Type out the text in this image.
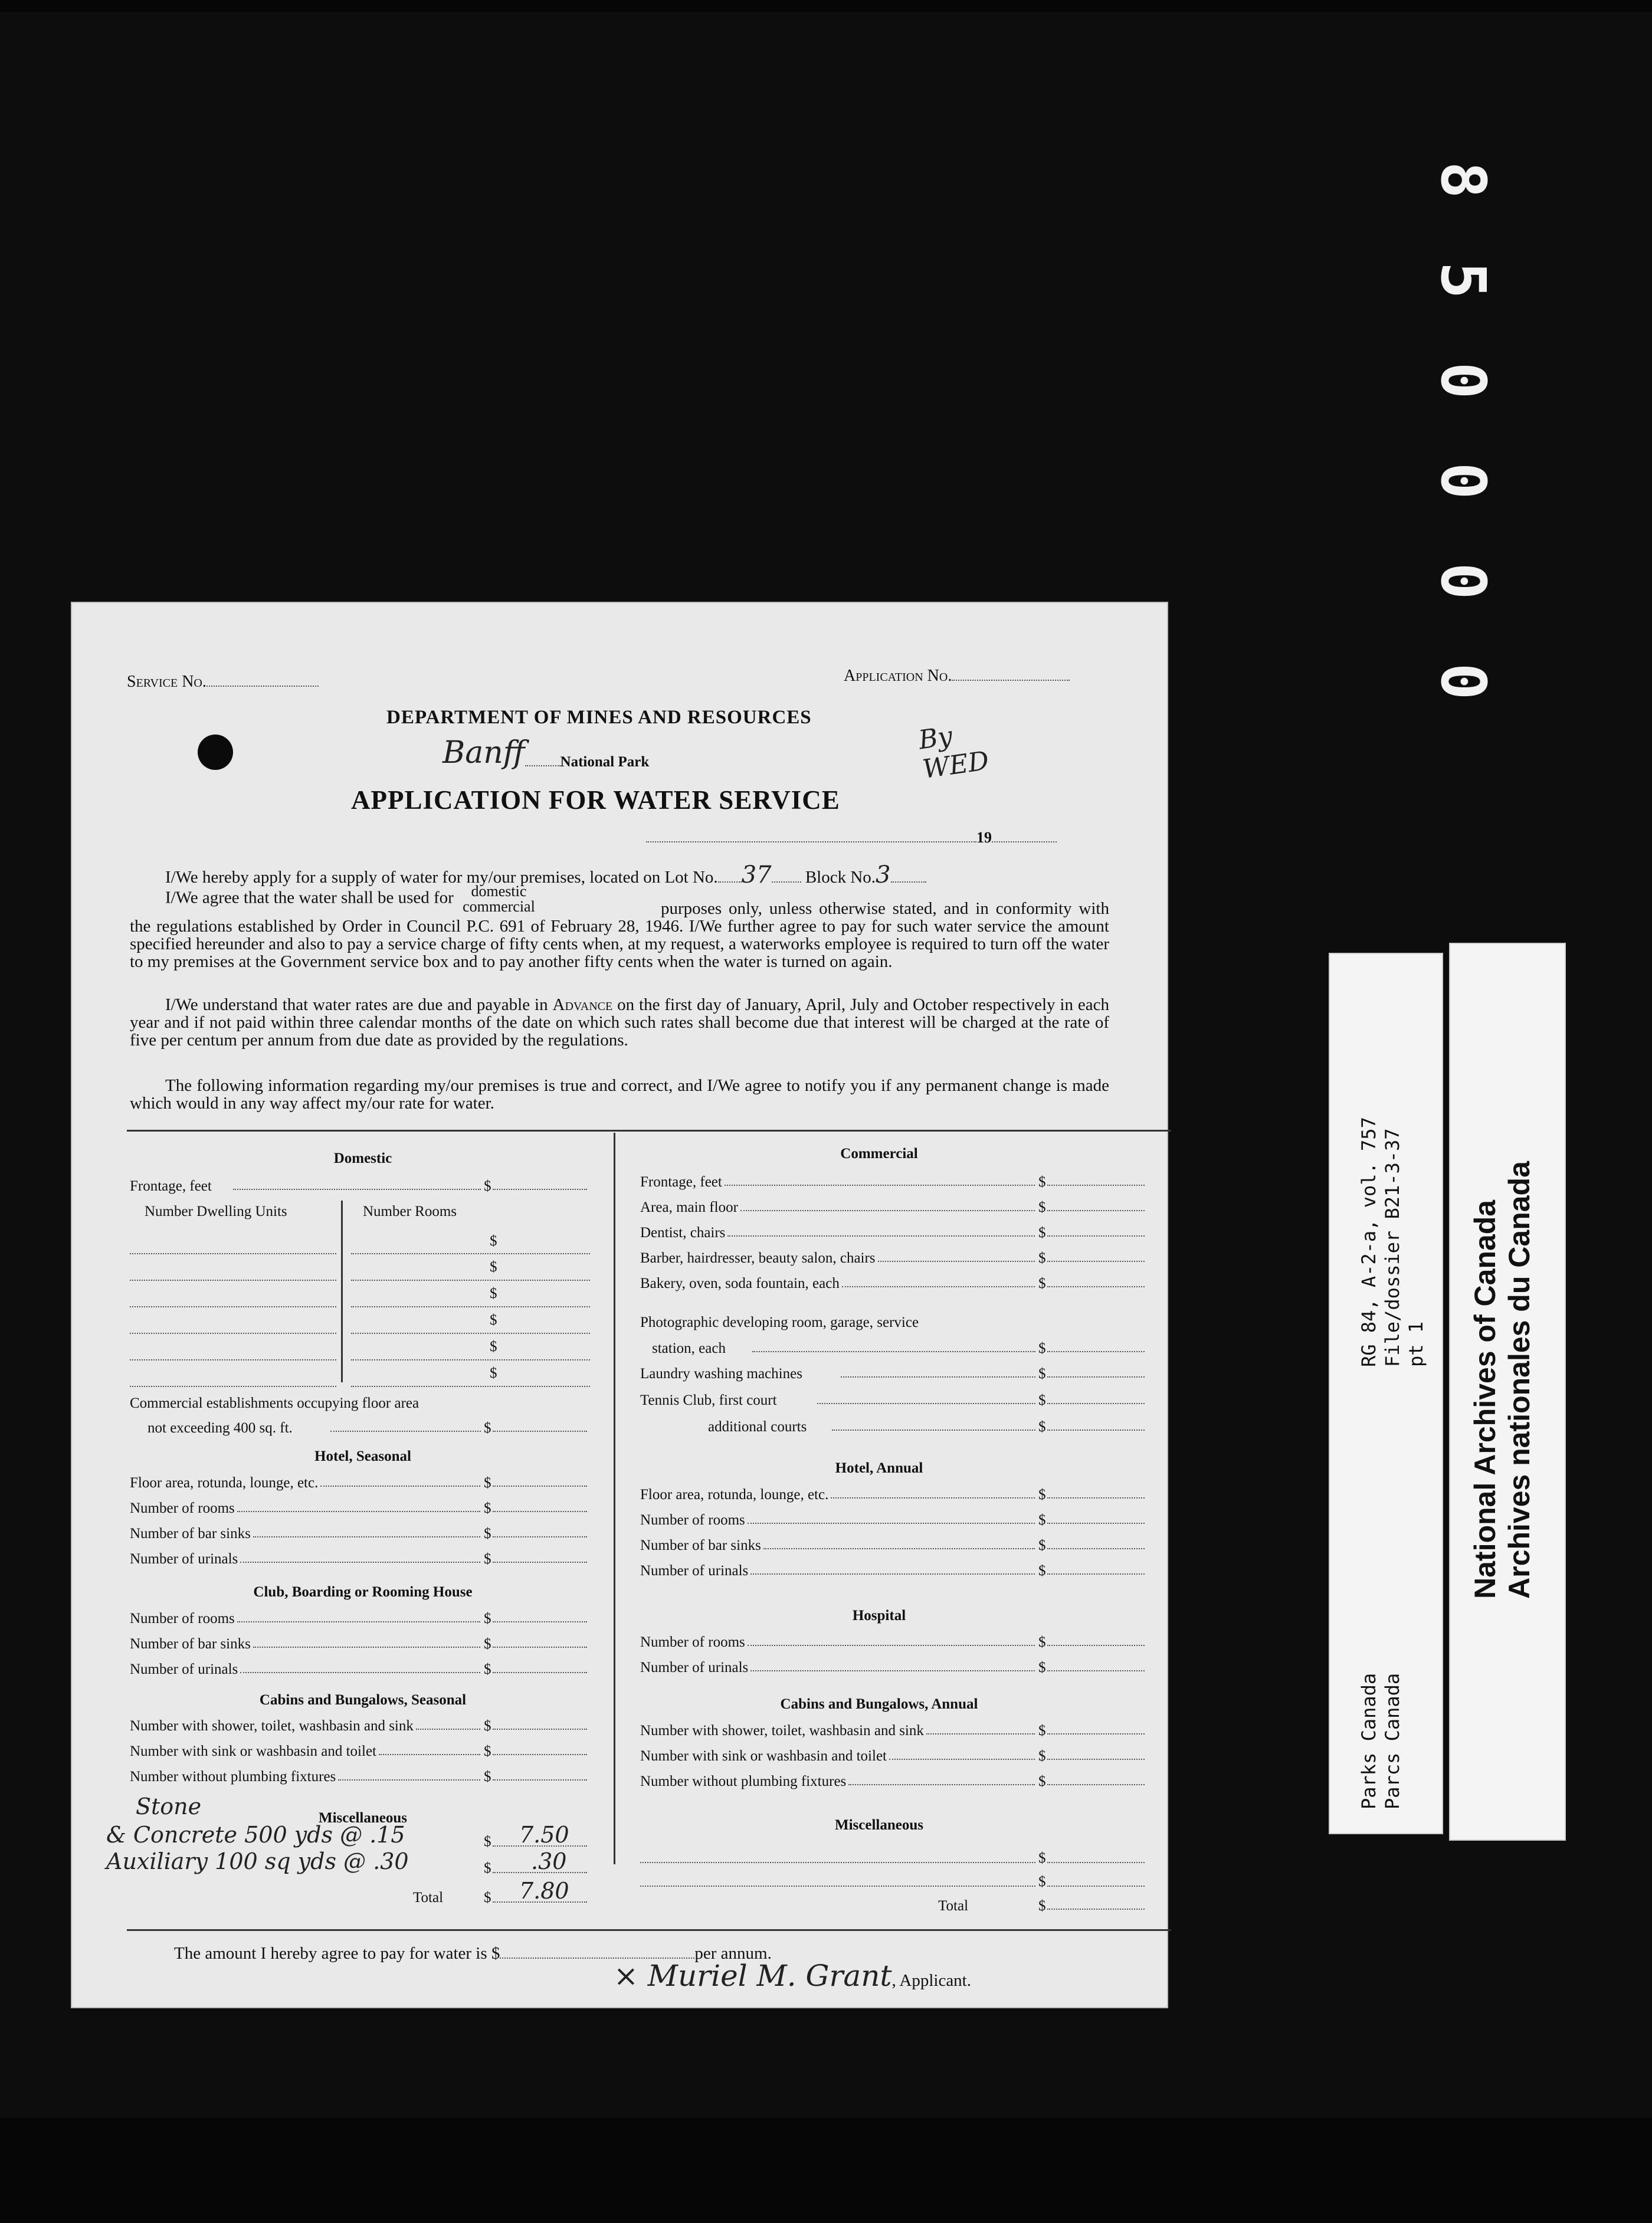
8
5
0
0
0
0
RG 84, A-2-a, vol. 757 File/dossier B21-3-37 pt 1
Parks Canada Parcs Canada
National Archives of Canada Archives nationales du Canada
Service No.	Application No.
DEPARTMENT OF MINES AND RESOURCES
Banff National Park
By WED
APPLICATION FOR WATER SERVICE
19
I/We hereby apply for a supply of water for my/our premises, located on Lot No. 37 Block No.3
I/We agree that the water shall be used for	domestic
commercial	purposes only, unless otherwise stated, and in conformity with the regulations established by Order in Council P.C. 691 of February 28, 1946. I/We further agree to pay for such water service the amount specified hereunder and also to pay a service charge of fifty cents when, at my request, a waterworks employee is required to turn off the water to my premises at the Government service box and to pay another fifty cents when the water is turned on again.
I/We understand that water rates are due and payable in Advance on the first day of January, April, July and October respectively in each year and if not paid within three calendar months of the date on which such rates shall become due that interest will be charged at the rate of five per centum per annum from due date as provided by the regulations.
The following information regarding my/our premises is true and correct, and I/We agree to notify you if any permanent change is made which would in any way affect my/our rate for water.
Domestic
Frontage, feet	$
Number Dwelling Units	Number Rooms
$
$
$
$
$
$
Commercial establishments occupying floor area
not exceeding 400 sq. ft.	$
Hotel, Seasonal
Floor area, rotunda, lounge, etc.	$
Number of rooms	$
Number of bar sinks	$
Number of urinals	$
Club, Boarding or Rooming House
Number of rooms	$
Number of bar sinks	$
Number of urinals	$
Cabins and Bungalows, Seasonal
Number with shower, toilet, washbasin and sink	$
Number with sink or washbasin and toilet	$
Number without plumbing fixtures	$
Miscellaneous
Stone
& Concrete 500 yds @ .15	$ 7.50
Auxiliary 100 sq yds @ .30	$ .30
Total	$ 7.80
Commercial
Frontage, feet	$
Area, main floor	$
Dentist, chairs	$
Barber, hairdresser, beauty salon, chairs	$
Bakery, oven, soda fountain, each	$
Photographic developing room, garage, service
station, each	$
Laundry washing machines	$
Tennis Club, first court	$
additional courts	$
Hotel, Annual
Floor area, rotunda, lounge, etc.	$
Number of rooms	$
Number of bar sinks	$
Number of urinals	$
Hospital
Number of rooms	$
Number of urinals	$
Cabins and Bungalows, Annual
Number with shower, toilet, washbasin and sink	$
Number with sink or washbasin and toilet	$
Number without plumbing fixtures	$
Miscellaneous
$
$
Total	$
The amount I hereby agree to pay for water is $	per annum.
× Muriel M. Grant, Applicant.
